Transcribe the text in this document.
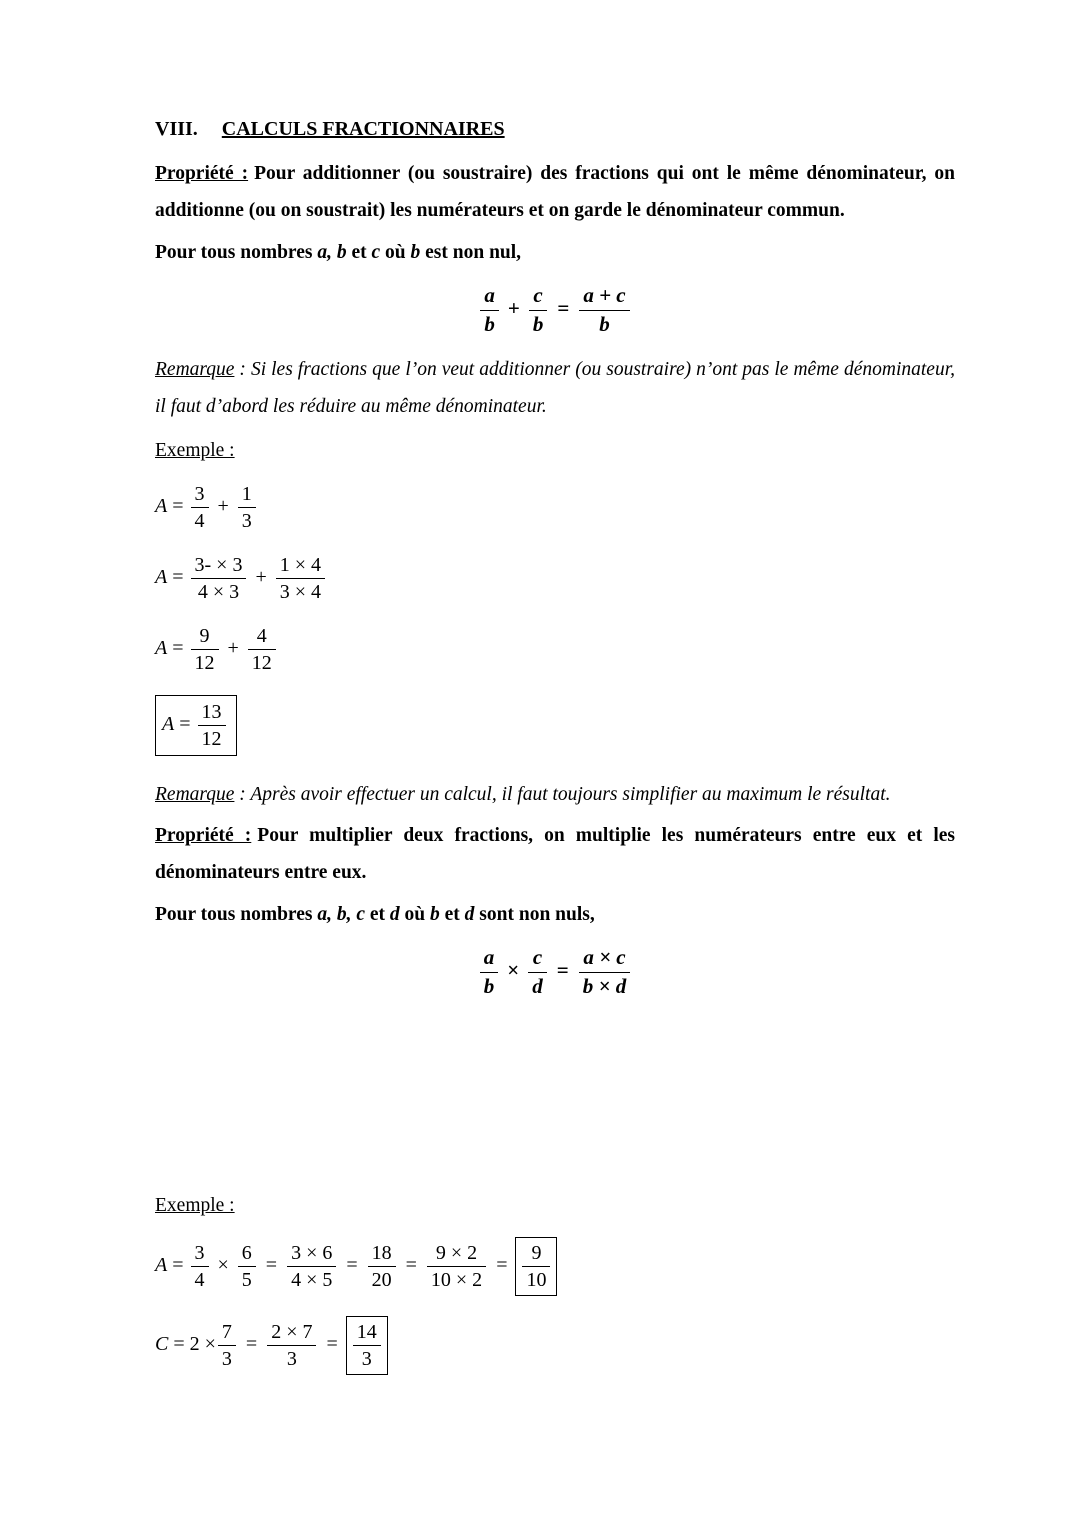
VIII. CALCULS FRACTIONNAIRES

Propriété : Pour additionner (ou soustraire) des fractions qui ont le même dénominateur, on additionne (ou on soustrait) les numérateurs et on garde le dénominateur commun.

Pour tous nombres a, b et c où b est non nul,

$\frac{a}{b} + \frac{c}{b} = \frac{a + c}{b}$

Remarque : Si les fractions que l’on veut additionner (ou soustraire) n’ont pas le même dénominateur, il faut d’abord les réduire au même dénominateur.

Exemple :

$A = \frac{3}{4} + \frac{1}{3}$
$A = \frac{3- \times 3}{4 \times 3} + \frac{1 \times 4}{3 \times 4}$
$A = \frac{9}{12} + \frac{4}{12}$
$A = \frac{13}{12}$

Remarque : Après avoir effectuer un calcul, il faut toujours simplifier au maximum le résultat.

Propriété : Pour multiplier deux fractions, on multiplie les numérateurs entre eux et les dénominateurs entre eux.

Pour tous nombres a, b, c et d où b et d sont non nuls,

$\frac{a}{b} \times \frac{c}{d} = \frac{a \times c}{b \times d}$

Exemple :

$A = \frac{3}{4} \times \frac{6}{5} = \frac{3 \times 6}{4 \times 5} = \frac{18}{20} = \frac{9 \times 2}{10 \times 2} = \frac{9}{10}$
$C = 2 \times \frac{7}{3} = \frac{2 \times 7}{3} = \frac{14}{3}$
